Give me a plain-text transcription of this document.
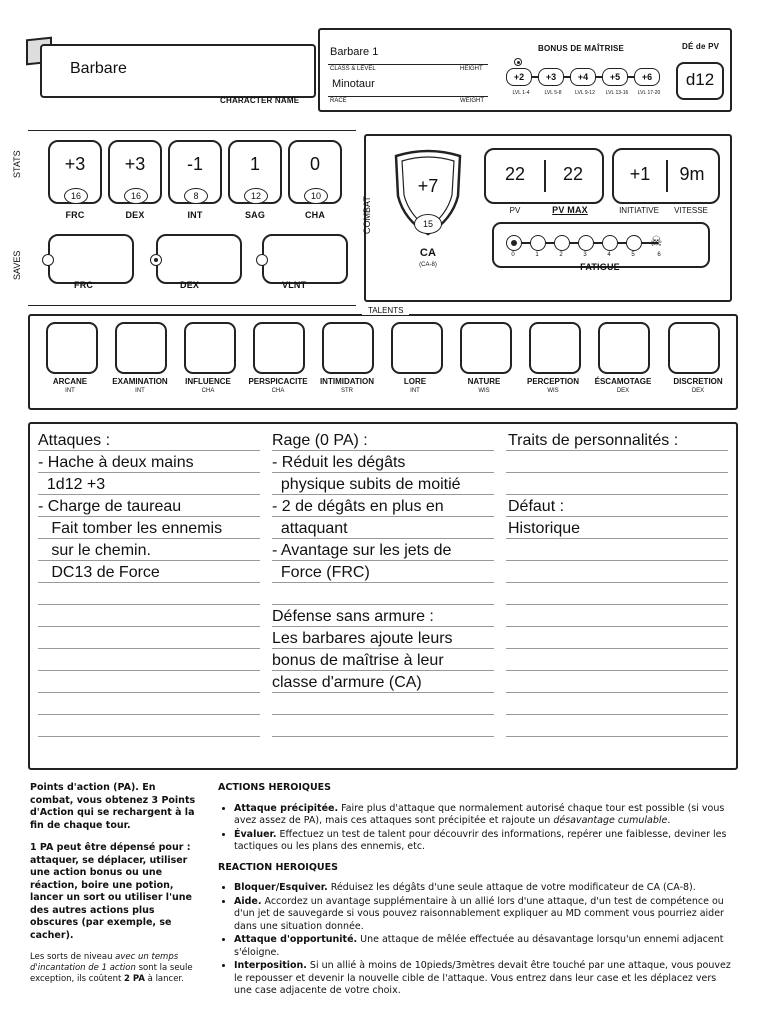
Barbare
CHARACTER NAME
Barbare 1
CLASS & LEVEL	HEIGHT
Minotaur
RACE	WEIGHT
BONUS DE MAÎTRISE
+2	+3	+4	+5	+6
LVL 1-4	LVL 5-8	LVL 9-12	LVL 13-16	LVL 17-20
DÉ de PV
d12
STATS
SAVES
+3
16
FRC
+3
16
DEX
-1
8
INT
1
12
SAG
0
10
CHA
FRC	DEX	VLNT
COMBAT
+7
15
CA
(CA-8)
22	22
PV	PV MAX
+1	9m
INITIATIVE	VITESSE
☠
0	1	2	3	4	5	6
FATIGUE
TALENTS
ARCANE
INT
EXAMINATION
INT
INFLUENCE
CHA
PERSPICACITE
CHA
INTIMIDATION
STR
LORE
INT
NATURE
WIS
PERCEPTION
WIS
ÉSCAMOTAGE
DEX
DISCRETION
DEX
Attaques :
- Hache à deux mains
1d12 +3
- Charge de taureau
Fait tomber les ennemis
sur le chemin.
DC13 de Force
Rage (0 PA) :
- Réduit les dégâts
physique subits de moitié
- 2 de dégâts en plus en
attaquant
- Avantage sur les jets de
Force (FRC)

Défense sans armure :
Les barbares ajoute leurs
bonus de maîtrise à leur
classe d'armure (CA)
Traits de personnalités :

Défaut :
Historique
Points d'action (PA). En combat, vous obtenez 3 Points d'Action qui se rechargent à la fin de chaque tour.
1 PA peut être dépensé pour : attaquer, se déplacer, utiliser une action bonus ou une réaction, boire une potion, lancer un sort ou utiliser l'une des autres actions plus obscures (par exemple, se cacher).
Les sorts de niveau avec un temps d'incantation de 1 action sont la seule exception, ils coûtent 2 PA à lancer.
ACTIONS HEROIQUES
• Attaque précipitée. Faire plus d'attaque que normalement autorisé chaque tour est possible (si vous avez assez de PA), mais ces attaques sont précipitée et rajoute un désavantage cumulable.
• Évaluer. Effectuez un test de talent pour découvrir des informations, repérer une faiblesse, deviner les tactiques ou les plans des ennemis, etc.
REACTION HEROIQUES
• Bloquer/Esquiver. Réduisez les dégâts d'une seule attaque de votre modificateur de CA (CA-8).
• Aide. Accordez un avantage supplémentaire à un allié lors d'une attaque, d'un test de compétence ou d'un jet de sauvegarde si vous pouvez raisonnablement expliquer au MD comment vous pourriez aider dans une situation donnée.
• Attaque d'opportunité. Une attaque de mêlée effectuée au désavantage lorsqu'un ennemi adjacent s'éloigne.
• Interposition. Si un allié à moins de 10pieds/3mètres devait être touché par une attaque, vous pouvez le repousser et devenir la nouvelle cible de l'attaque. Vous entrez dans leur case et les déplacez vers une case adjacente de votre choix.
